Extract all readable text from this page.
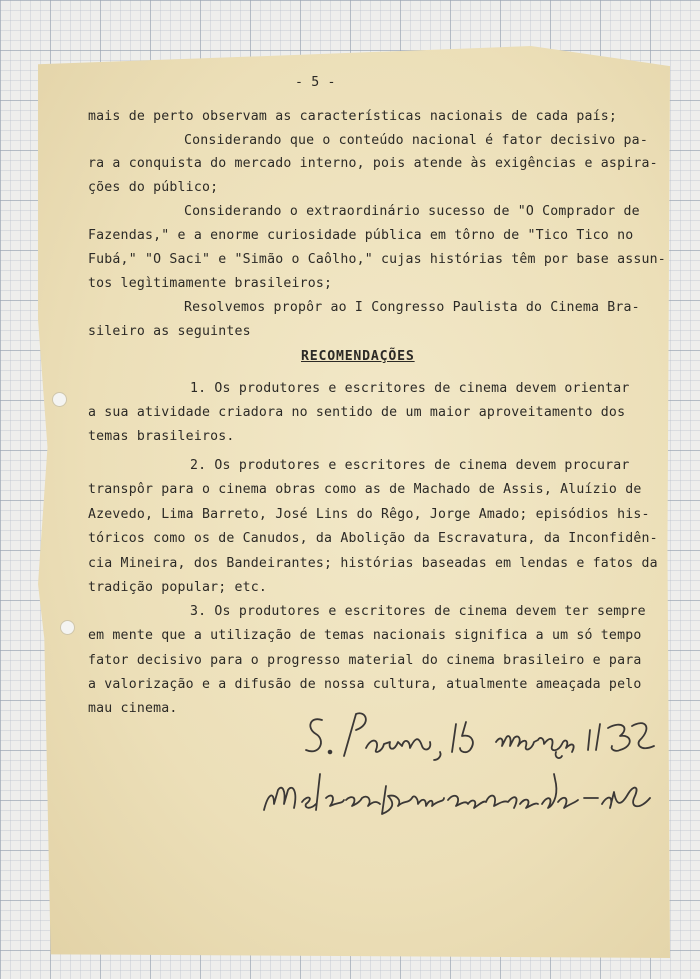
- 5 -
mais de perto observam as características nacionais de cada país;
Considerando que o conteúdo nacional é fator decisivo pa-
ra a conquista do mercado interno, pois atende às exigências e aspira-
ções do público;
Considerando o extraordinário sucesso de "O Comprador de
Fazendas," e a enorme curiosidade pública em tôrno de "Tico Tico no
Fubá," "O Saci" e "Simão o Caôlho," cujas histórias têm por base assun-
tos legìtimamente brasileiros;
Resolvemos propôr ao I Congresso Paulista do Cinema Bra-
sileiro as seguintes
RECOMENDAÇÕES
1. Os produtores e escritores de cinema devem orientar
a sua atividade criadora no sentido de um maior aproveitamento dos
temas brasileiros.
2. Os produtores e escritores de cinema devem procurar
transpôr para o cinema obras como as de Machado de Assis, Aluízio de
Azevedo, Lima Barreto, José Lins do Rêgo, Jorge Amado; episódios his-
tóricos como os de Canudos, da Abolição da Escravatura, da Inconfidên-
cia Mineira, dos Bandeirantes; histórias baseadas em lendas e fatos da
tradição popular; etc.
3. Os produtores e escritores de cinema devem ter sempre
em mente que a utilização de temas nacionais significa a um só tempo
fator decisivo para o progresso material do cinema brasileiro e para
a valorização e a difusão de nossa cultura, atualmente ameaçada pelo
mau cinema.
